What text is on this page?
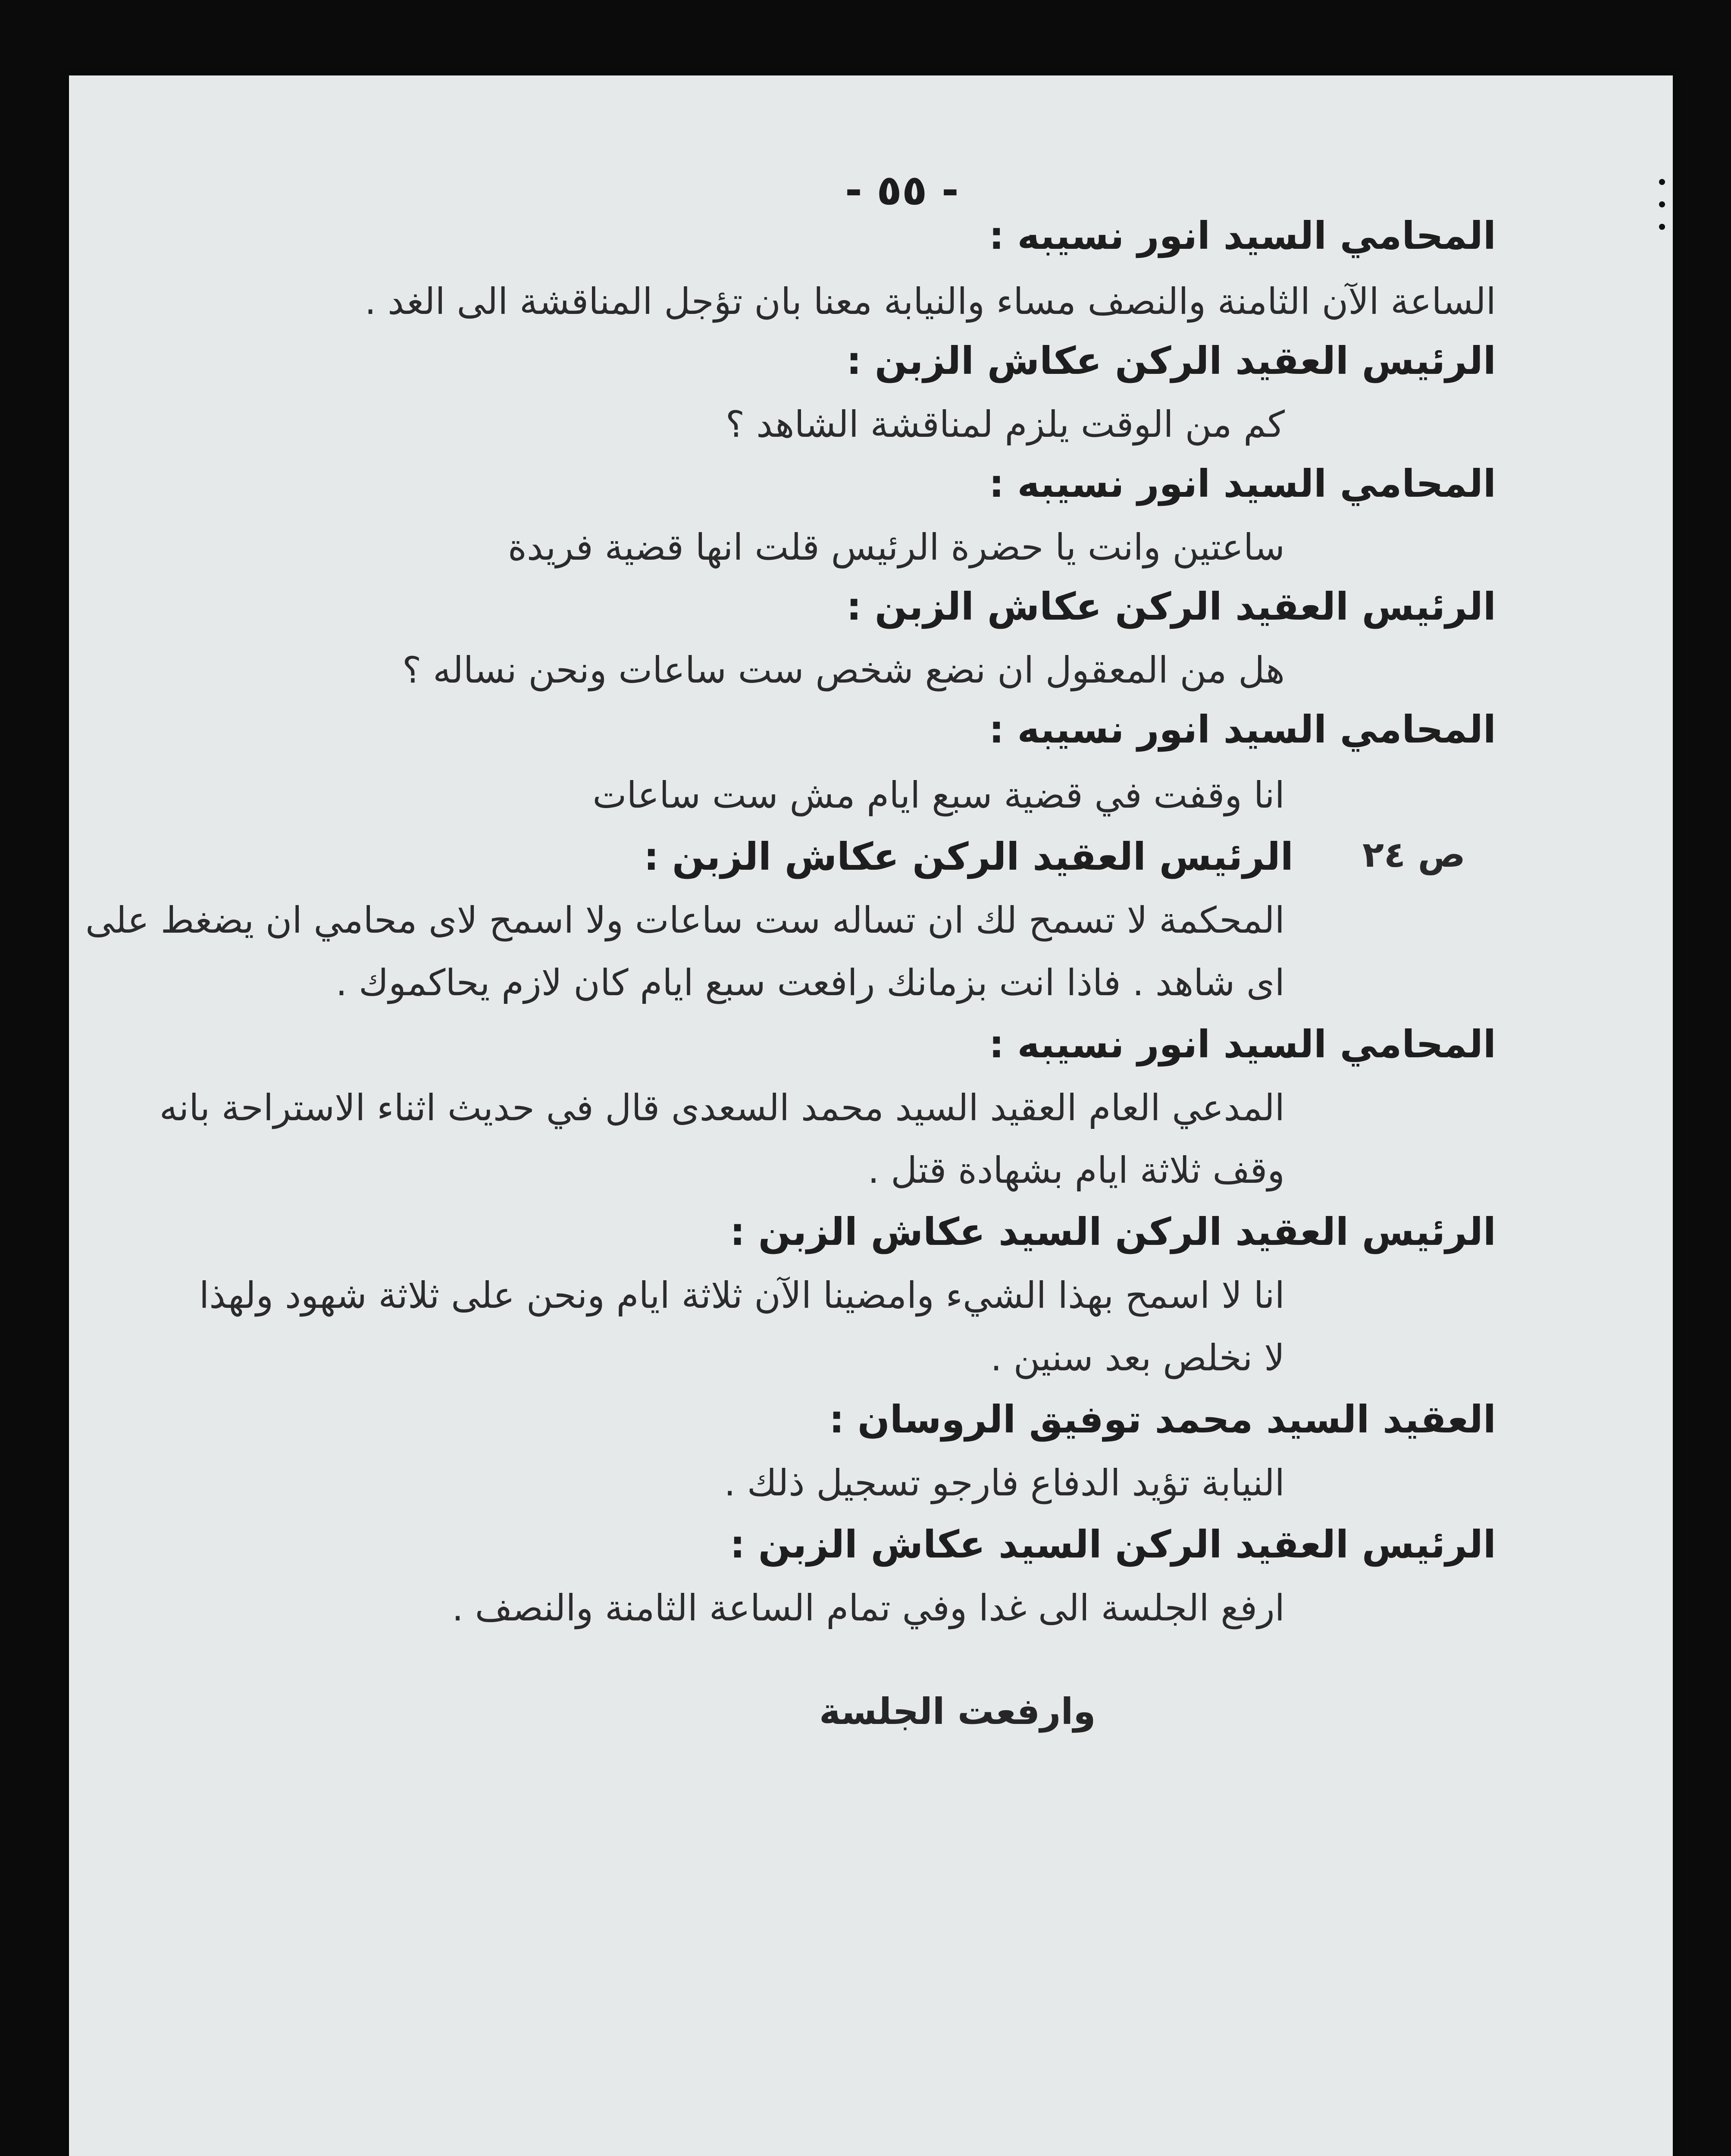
- ٥٥ -
المحامي السيد انور نسيبه :
الساعة الآن الثامنة والنصف مساء والنيابة معنا بان تؤجل المناقشة الى الغد .
الرئيس العقيد الركن عكاش الزبن :
كم من الوقت يلزم لمناقشة الشاهد ؟
المحامي السيد انور نسيبه :
ساعتين وانت يا حضرة الرئيس قلت انها قضية فريدة
الرئيس العقيد الركن عكاش الزبن :
هل من المعقول ان نضع شخص ست ساعات ونحن نساله ؟
المحامي السيد انور نسيبه :
انا وقفت في قضية سبع ايام مش ست ساعات
الرئيس العقيد الركن عكاش الزبن : ص ٢٤
المحكمة لا تسمح لك ان تساله ست ساعات ولا اسمح لاى محامي ان يضغط على
اى شاهد . فاذا انت بزمانك رافعت سبع ايام كان لازم يحاكموك .
المحامي السيد انور نسيبه :
المدعي العام العقيد السيد محمد السعدى قال في حديث اثناء الاستراحة بانه
وقف ثلاثة ايام بشهادة قتل .
الرئيس العقيد الركن السيد عكاش الزبن :
انا لا اسمح بهذا الشيء وامضينا الآن ثلاثة ايام ونحن على ثلاثة شهود ولهذا
لا نخلص بعد سنين .
العقيد السيد محمد توفيق الروسان :
النيابة تؤيد الدفاع فارجو تسجيل ذلك .
الرئيس العقيد الركن السيد عكاش الزبن :
ارفع الجلسة الى غدا وفي تمام الساعة الثامنة والنصف .
وارفعت الجلسة
